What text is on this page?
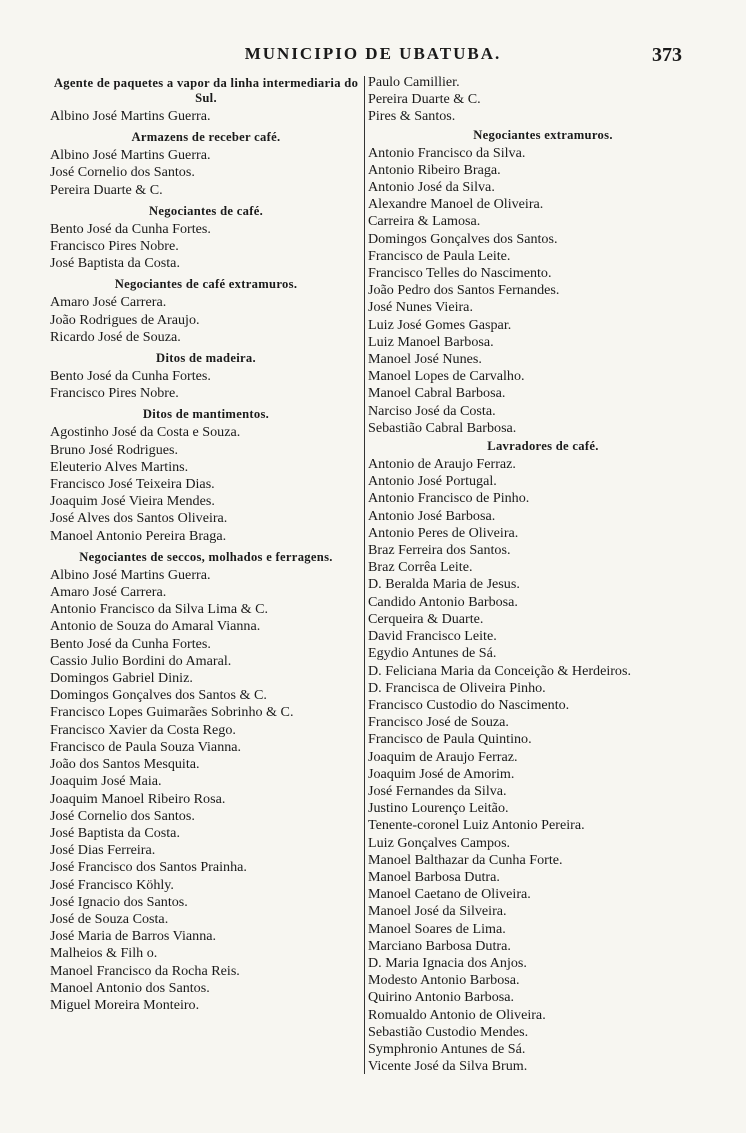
MUNICIPIO DE UBATUBA.	373
Agente de paquetes a vapor da linha intermediaria do Sul.
Albino José Martins Guerra.
Armazens de receber café.
Albino José Martins Guerra.
José Cornelio dos Santos.
Pereira Duarte & C.
Negociantes de café.
Bento José da Cunha Fortes.
Francisco Pires Nobre.
José Baptista da Costa.
Negociantes de café extramuros.
Amaro José Carrera.
João Rodrigues de Araujo.
Ricardo José de Souza.
Ditos de madeira.
Bento José da Cunha Fortes.
Francisco Pires Nobre.
Ditos de mantimentos.
Agostinho José da Costa e Souza.
Bruno José Rodrigues.
Eleuterio Alves Martins.
Francisco José Teixeira Dias.
Joaquim José Vieira Mendes.
José Alves dos Santos Oliveira.
Manoel Antonio Pereira Braga.
Negociantes de seccos, molhados e ferragens.
Albino José Martins Guerra.
Amaro José Carrera.
Antonio Francisco da Silva Lima & C.
Antonio de Souza do Amaral Vianna.
Bento José da Cunha Fortes.
Cassio Julio Bordini do Amaral.
Domingos Gabriel Diniz.
Domingos Gonçalves dos Santos & C.
Francisco Lopes Guimarães Sobrinho & C.
Francisco Xavier da Costa Rego.
Francisco de Paula Souza Vianna.
João dos Santos Mesquita.
Joaquim José Maia.
Joaquim Manoel Ribeiro Rosa.
José Cornelio dos Santos.
José Baptista da Costa.
José Dias Ferreira.
José Francisco dos Santos Prainha.
José Francisco Köhly.
José Ignacio dos Santos.
José de Souza Costa.
José Maria de Barros Vianna.
Malheios & Filh o.
Manoel Francisco da Rocha Reis.
Manoel Antonio dos Santos.
Miguel Moreira Monteiro.
Paulo Camillier.
Pereira Duarte & C.
Pires & Santos.
Negociantes extramuros.
Antonio Francisco da Silva.
Antonio Ribeiro Braga.
Antonio José da Silva.
Alexandre Manoel de Oliveira.
Carreira & Lamosa.
Domingos Gonçalves dos Santos.
Francisco de Paula Leite.
Francisco Telles do Nascimento.
João Pedro dos Santos Fernandes.
José Nunes Vieira.
Luiz José Gomes Gaspar.
Luiz Manoel Barbosa.
Manoel José Nunes.
Manoel Lopes de Carvalho.
Manoel Cabral Barbosa.
Narciso José da Costa.
Sebastião Cabral Barbosa.
Lavradores de café.
Antonio de Araujo Ferraz.
Antonio José Portugal.
Antonio Francisco de Pinho.
Antonio José Barbosa.
Antonio Peres de Oliveira.
Braz Ferreira dos Santos.
Braz Corrêa Leite.
D. Beralda Maria de Jesus.
Candido Antonio Barbosa.
Cerqueira & Duarte.
David Francisco Leite.
Egydio Antunes de Sá.
D. Feliciana Maria da Conceição & Herdeiros.
D. Francisca de Oliveira Pinho.
Francisco Custodio do Nascimento.
Francisco José de Souza.
Francisco de Paula Quintino.
Joaquim de Araujo Ferraz.
Joaquim José de Amorim.
José Fernandes da Silva.
Justino Lourenço Leitão.
Tenente-coronel Luiz Antonio Pereira.
Luiz Gonçalves Campos.
Manoel Balthazar da Cunha Forte.
Manoel Barbosa Dutra.
Manoel Caetano de Oliveira.
Manoel José da Silveira.
Manoel Soares de Lima.
Marciano Barbosa Dutra.
D. Maria Ignacia dos Anjos.
Modesto Antonio Barbosa.
Quirino Antonio Barbosa.
Romualdo Antonio de Oliveira.
Sebastião Custodio Mendes.
Symphronio Antunes de Sá.
Vicente José da Silva Brum.
